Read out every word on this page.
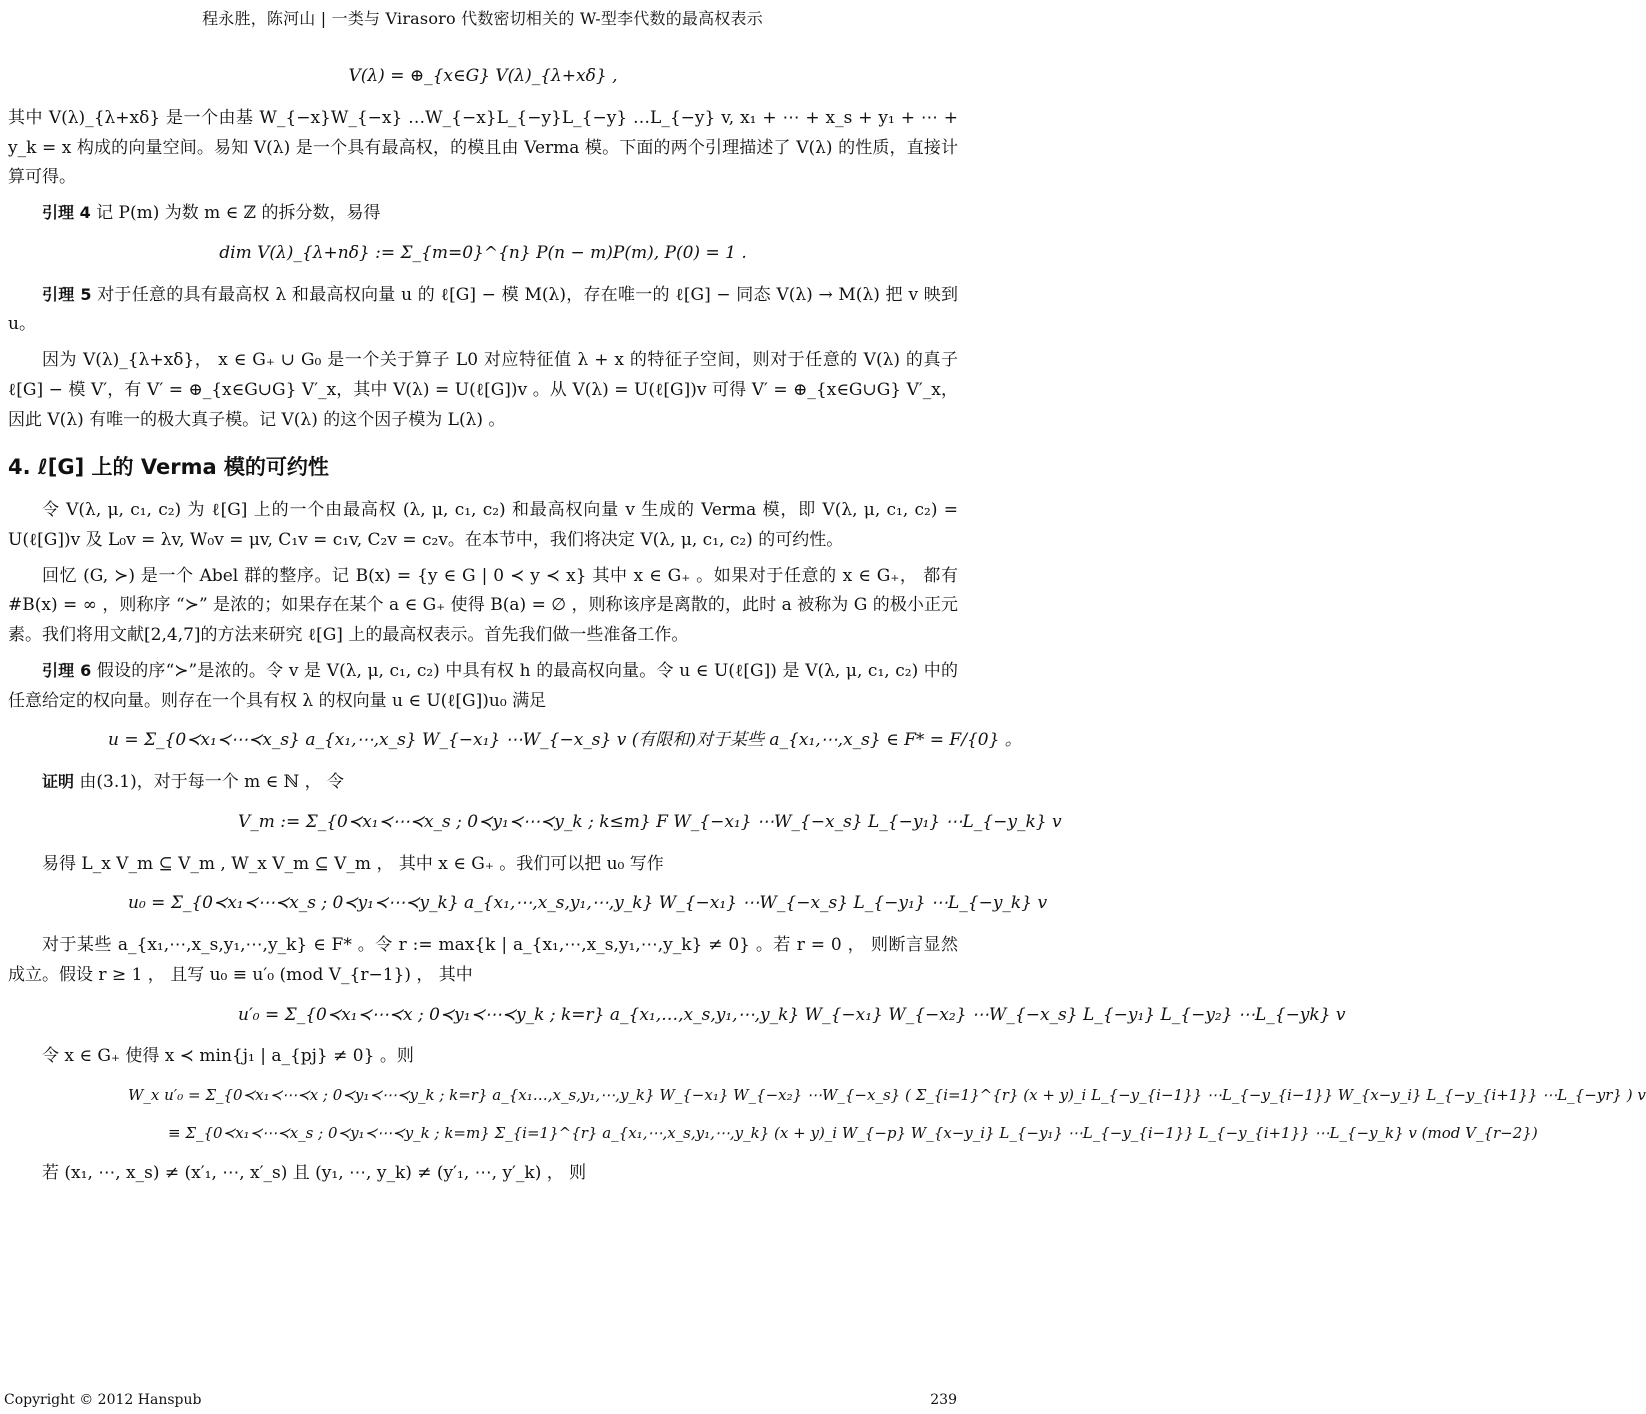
程永胜，陈河山 | 一类与 Virasoro 代数密切相关的 W-型李代数的最高权表示
V(λ) = ⊕_{x∈G} V(λ)_{λ+xδ} ,

其中 V(λ)_{λ+xδ} 是一个由基 W_{−x}W_{−x} …W_{−x}L_{−y}L_{−y} …L_{−y} v, x₁ + ⋯ + x_s + y₁ + ⋯ + y_k = x 构成的向量空间。易知 V(λ) 是一个具有最高权，的模且由 Verma 模。下面的两个引理描述了 V(λ) 的性质，直接计算可得。

引理 4 记 P(m) 为数 m ∈ ℤ 的拆分数，易得

dim V(λ)_{λ+nδ} := Σ_{m=0}^{n} P(n − m)P(m), P(0) = 1 .

引理 5 对于任意的具有最高权 λ 和最高权向量 u 的 ℓ[G] − 模 M(λ)，存在唯一的 ℓ[G] − 同态 V(λ) → M(λ) 把 v 映到 u。

因为 V(λ)_{λ+xδ}， x ∈ G₊ ∪ G₀ 是一个关于算子 L0 对应特征值 λ + x 的特征子空间，则对于任意的 V(λ) 的真子 ℓ[G] − 模 V′，有 V′ = ⊕_{x∈G∪G} V′_x，其中 V(λ) = U(ℓ[G])v 。从 V(λ) = U(ℓ[G])v 可得 V′ = ⊕_{x∈G∪G} V′_x，因此 V(λ) 有唯一的极大真子模。记 V(λ) 的这个因子模为 L(λ) 。

4. ℓ[G] 上的 Verma 模的可约性

令 V(λ, μ, c₁, c₂) 为 ℓ[G] 上的一个由最高权 (λ, μ, c₁, c₂) 和最高权向量 v 生成的 Verma 模，即 V(λ, μ, c₁, c₂) = U(ℓ[G])v 及 L₀v = λv, W₀v = μv, C₁v = c₁v, C₂v = c₂v。在本节中，我们将决定 V(λ, μ, c₁, c₂) 的可约性。

回忆 (G, ≻) 是一个 Abel 群的整序。记 B(x) = {y ∈ G | 0 ≺ y ≺ x} 其中 x ∈ G₊ 。如果对于任意的 x ∈ G₊， 都有 #B(x) = ∞ ，则称序 “≻” 是浓的；如果存在某个 a ∈ G₊ 使得 B(a) = ∅ ，则称该序是离散的，此时 a 被称为 G 的极小正元素。我们将用文献[2,4,7]的方法来研究 ℓ[G] 上的最高权表示。首先我们做一些准备工作。

引理 6 假设的序“≻”是浓的。令 v 是 V(λ, μ, c₁, c₂) 中具有权 h 的最高权向量。令 u ∈ U(ℓ[G]) 是 V(λ, μ, c₁, c₂) 中的任意给定的权向量。则存在一个具有权 λ 的权向量 u ∈ U(ℓ[G])u₀ 满足

u = Σ_{0≺x₁≺⋯≺x_s} a_{x₁,⋯,x_s} W_{−x₁} ⋯W_{−x_s} v (有限和)对于某些 a_{x₁,⋯,x_s} ∈ F* = F/{0} 。

证明 由(3.1)，对于每一个 m ∈ ℕ ， 令

V_m := Σ_{0≺x₁≺⋯≺x_s ; 0≺y₁≺⋯≺y_k ; k≤m} F W_{−x₁} ⋯W_{−x_s} L_{−y₁} ⋯L_{−y_k} v

易得 L_x V_m ⊆ V_m , W_x V_m ⊆ V_m ， 其中 x ∈ G₊ 。我们可以把 u₀ 写作

u₀ = Σ_{0≺x₁≺⋯≺x_s ; 0≺y₁≺⋯≺y_k} a_{x₁,⋯,x_s,y₁,⋯,y_k} W_{−x₁} ⋯W_{−x_s} L_{−y₁} ⋯L_{−y_k} v

对于某些 a_{x₁,⋯,x_s,y₁,⋯,y_k} ∈ F* 。令 r := max{k | a_{x₁,⋯,x_s,y₁,⋯,y_k} ≠ 0} 。若 r = 0 ， 则断言显然成立。假设 r ≥ 1 ， 且写 u₀ ≡ u′₀ (mod V_{r−1}) ， 其中

u′₀ = Σ_{0≺x₁≺⋯≺x ; 0≺y₁≺⋯≺y_k ; k=r} a_{x₁,…,x_s,y₁,⋯,y_k} W_{−x₁} W_{−x₂} ⋯W_{−x_s} L_{−y₁} L_{−y₂} ⋯L_{−yk} v

令 x ∈ G₊ 使得 x ≺ min{j₁ | a_{pj} ≠ 0} 。则

W_x u′₀ = Σ_{0≺x₁≺⋯≺x ; 0≺y₁≺⋯≺y_k ; k=r} a_{x₁…,x_s,y₁,⋯,y_k} W_{−x₁} W_{−x₂} ⋯W_{−x_s} ( Σ_{i=1}^{r} (x + y)_i L_{−y_{i−1}} ⋯L_{−y_{i−1}} W_{x−y_i} L_{−y_{i+1}} ⋯L_{−yr} ) v
≡ Σ_{0≺x₁≺⋯≺x_s ; 0≺y₁≺⋯≺y_k ; k=m} Σ_{i=1}^{r} a_{x₁,⋯,x_s,y₁,⋯,y_k} (x + y)_i W_{−p} W_{x−y_i} L_{−y₁} ⋯L_{−y_{i−1}} L_{−y_{i+1}} ⋯L_{−y_k} v (mod V_{r−2})

若 (x₁, ⋯, x_s) ≠ (x′₁, ⋯, x′_s) 且 (y₁, ⋯, y_k) ≠ (y′₁, ⋯, y′_k) ， 则

Copyright © 2012 Hanspub	239
